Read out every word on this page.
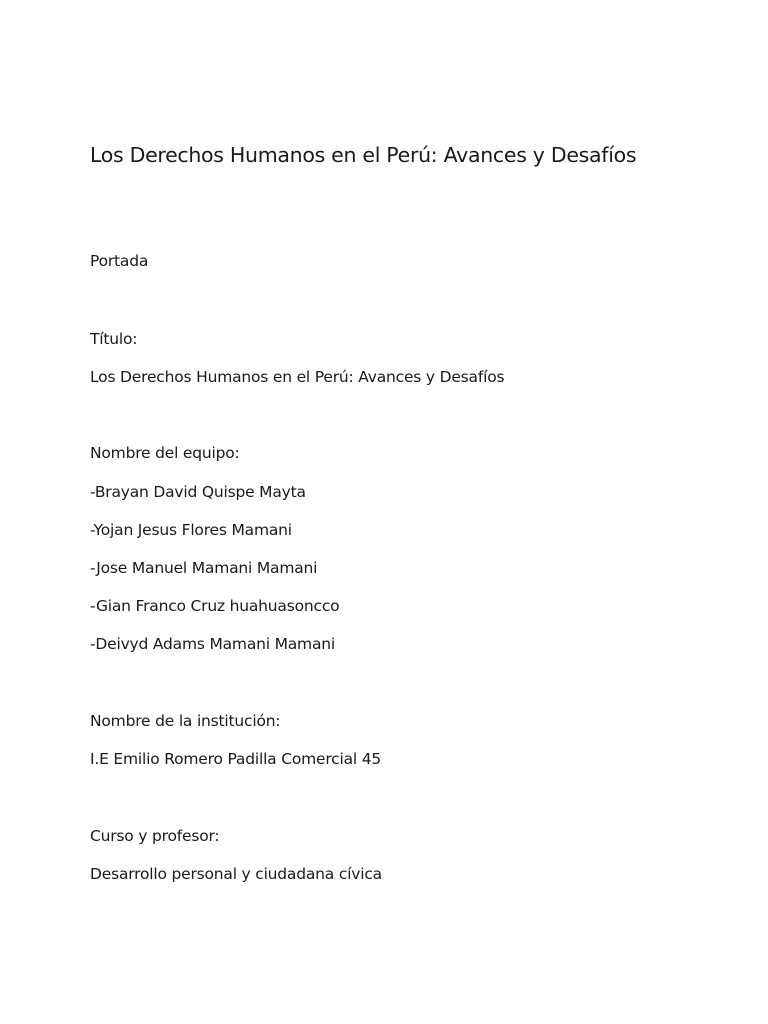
Los Derechos Humanos en el Perú: Avances y Desafíos
Portada
Título:
Los Derechos Humanos en el Perú: Avances y Desafíos
Nombre del equipo:
-Brayan David Quispe Mayta
-Yojan Jesus Flores Mamani
-Jose Manuel Mamani Mamani
-Gian Franco Cruz huahuasoncco
-Deivyd Adams Mamani Mamani
Nombre de la institución:
I.E Emilio Romero Padilla Comercial 45
Curso y profesor:
Desarrollo personal y ciudadana cívica
